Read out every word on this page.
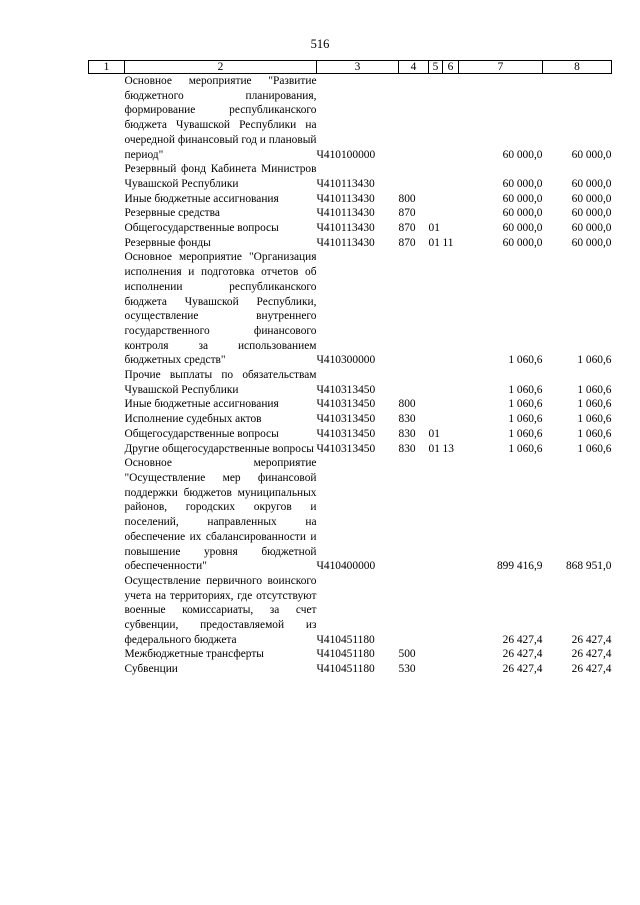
516
1	2	3	4	5	6	7	8
	Основное мероприятие "Развитие бюджетного планирования, формирование республиканского бюджета Чувашской Республики на очередной финансовый год и плановый период"	Ч410100000				60 000,0	60 000,0
	Резервный фонд Кабинета Министров Чувашской Республики	Ч410113430				60 000,0	60 000,0
	Иные бюджетные ассигнования	Ч410113430	800			60 000,0	60 000,0
	Резервные средства	Ч410113430	870			60 000,0	60 000,0
	Общегосударственные вопросы	Ч410113430	870	01		60 000,0	60 000,0
	Резервные фонды	Ч410113430	870	01	11	60 000,0	60 000,0
	Основное мероприятие "Организация исполнения и подготовка отчетов об исполнении республиканского бюджета Чувашской Республики, осуществление внутреннего государственного финансового контроля за использованием бюджетных средств"	Ч410300000				1 060,6	1 060,6
	Прочие выплаты по обязательствам Чувашской Республики	Ч410313450				1 060,6	1 060,6
	Иные бюджетные ассигнования	Ч410313450	800			1 060,6	1 060,6
	Исполнение судебных актов	Ч410313450	830			1 060,6	1 060,6
	Общегосударственные вопросы	Ч410313450	830	01		1 060,6	1 060,6
	Другие общегосударственные вопросы	Ч410313450	830	01	13	1 060,6	1 060,6
	Основное мероприятие "Осуществление мер финансовой поддержки бюджетов муниципальных районов, городских округов и поселений, направленных на обеспечение их сбалансированности и повышение уровня бюджетной обеспеченности"	Ч410400000				899 416,9	868 951,0
	Осуществление первичного воинского учета на территориях, где отсутствуют военные комиссариаты, за счет субвенции, предоставляемой из федерального бюджета	Ч410451180				26 427,4	26 427,4
	Межбюджетные трансферты	Ч410451180	500			26 427,4	26 427,4
	Субвенции	Ч410451180	530			26 427,4	26 427,4
